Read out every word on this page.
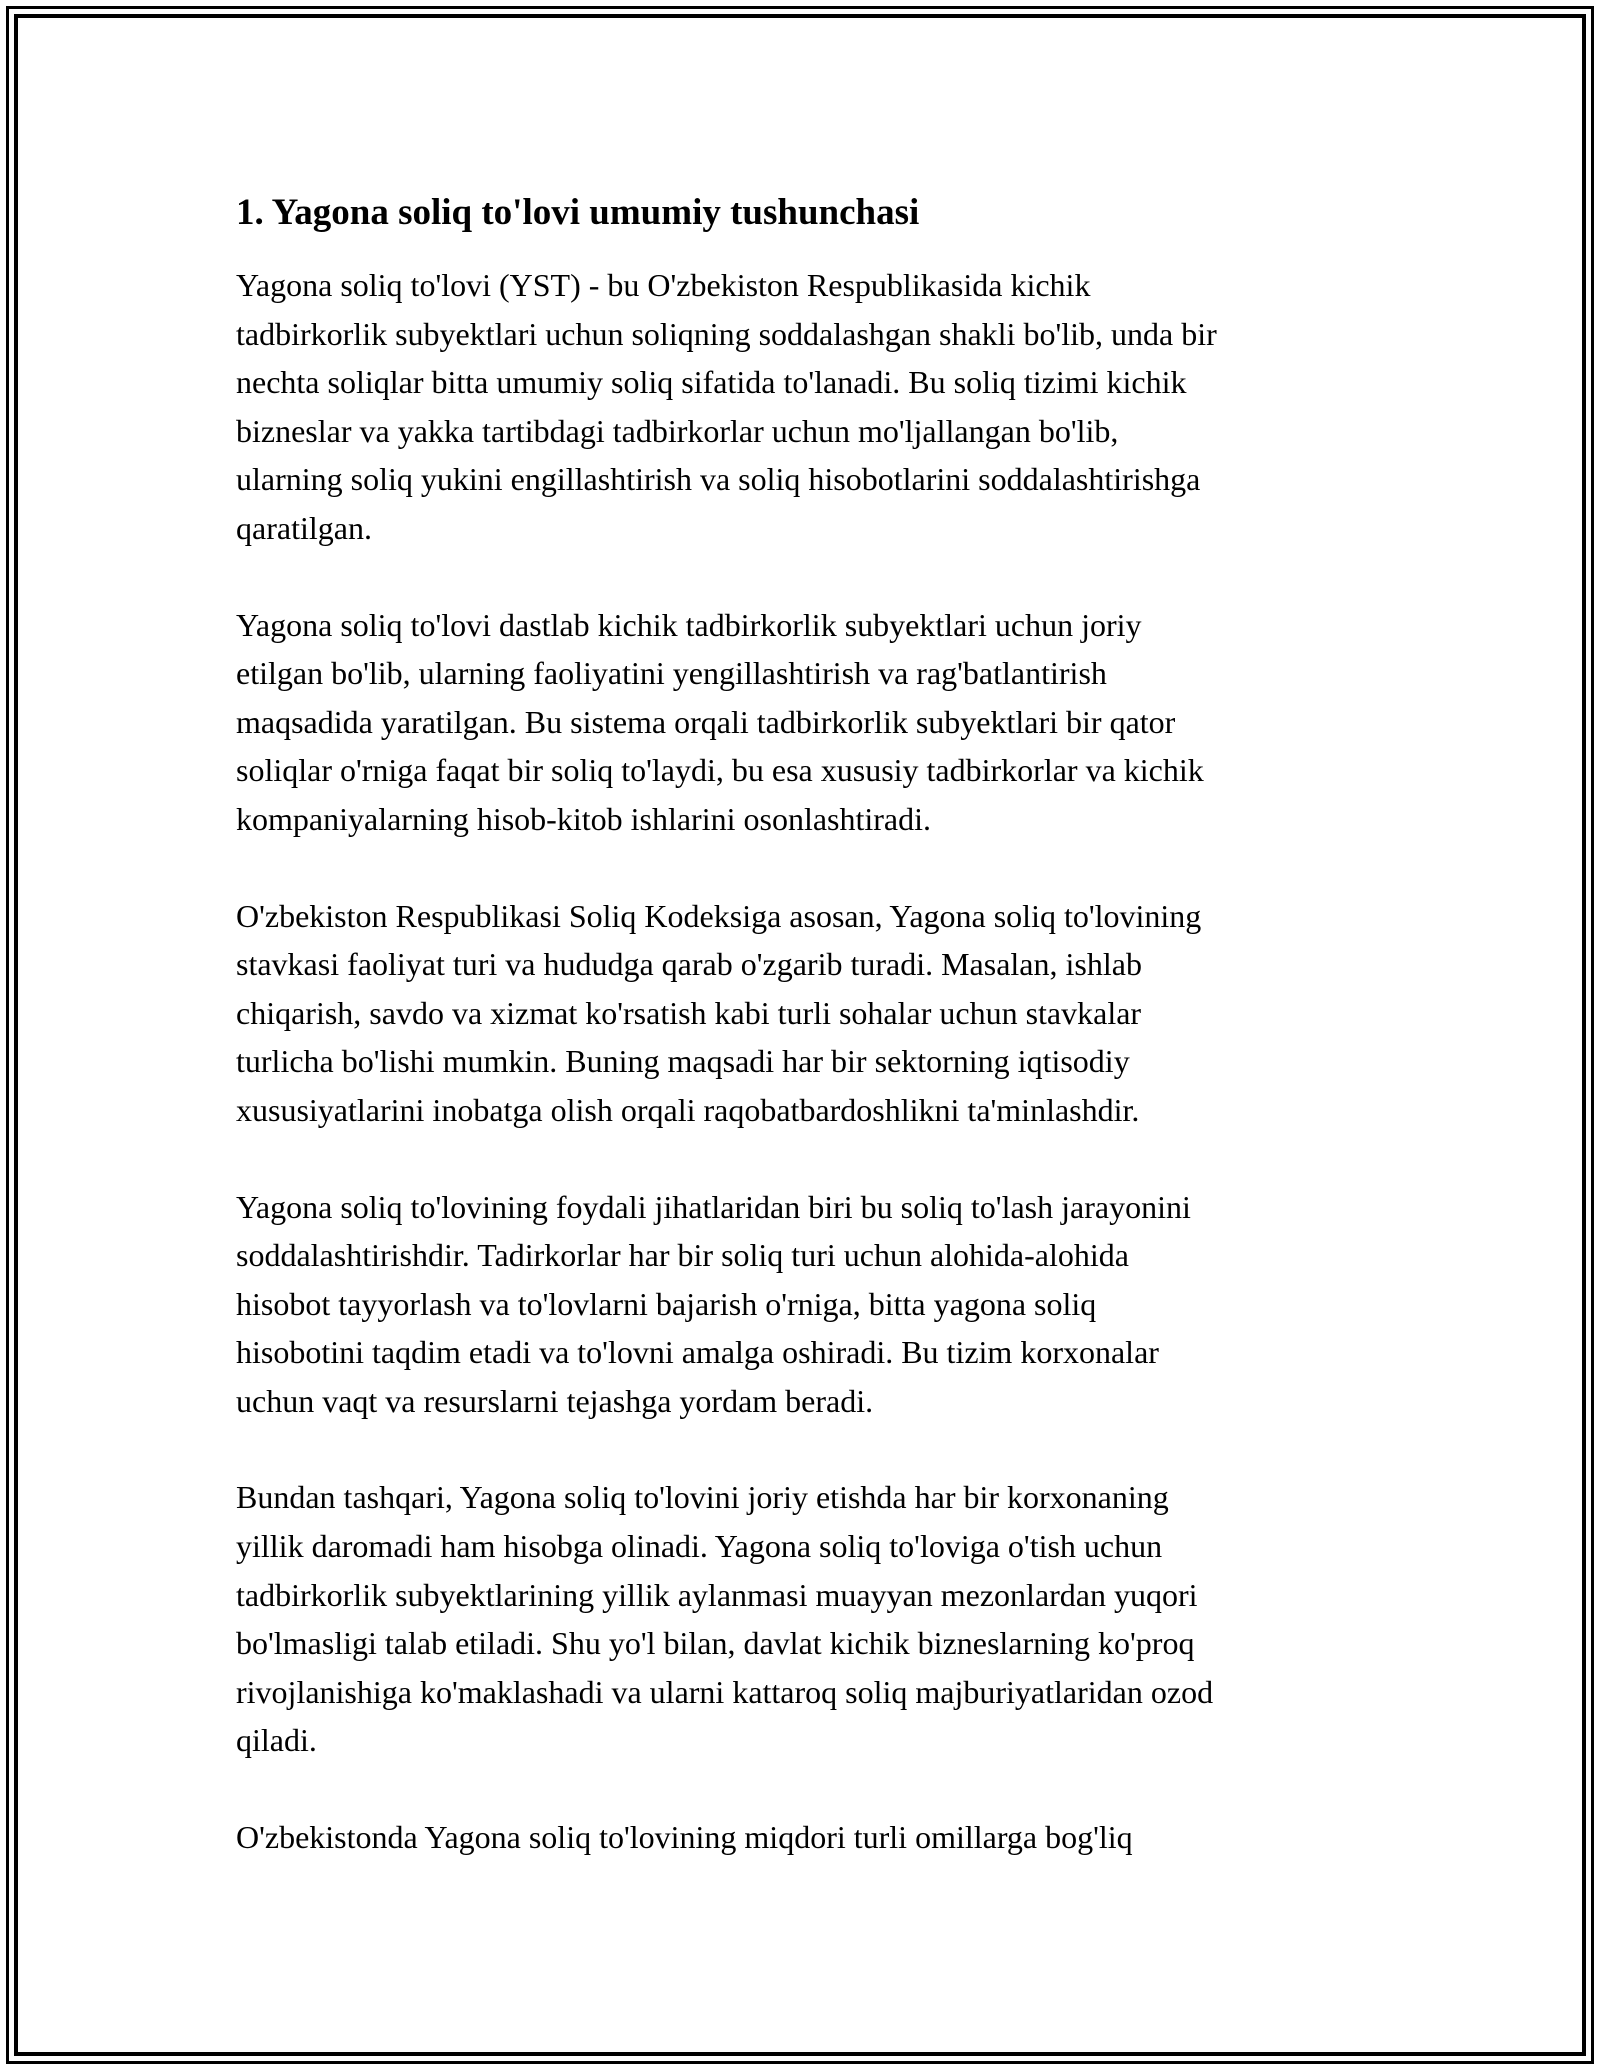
1. Yagona soliq to'lovi umumiy tushunchasi

Yagona soliq to'lovi (YST) - bu O'zbekiston Respublikasida kichik
tadbirkorlik subyektlari uchun soliqning soddalashgan shakli bo'lib, unda bir
nechta soliqlar bitta umumiy soliq sifatida to'lanadi. Bu soliq tizimi kichik
bizneslar va yakka tartibdagi tadbirkorlar uchun mo'ljallangan bo'lib,
ularning soliq yukini engillashtirish va soliq hisobotlarini soddalashtirishga
qaratilgan.

Yagona soliq to'lovi dastlab kichik tadbirkorlik subyektlari uchun joriy
etilgan bo'lib, ularning faoliyatini yengillashtirish va rag'batlantirish
maqsadida yaratilgan. Bu sistema orqali tadbirkorlik subyektlari bir qator
soliqlar o'rniga faqat bir soliq to'laydi, bu esa xususiy tadbirkorlar va kichik
kompaniyalarning hisob-kitob ishlarini osonlashtiradi.

O'zbekiston Respublikasi Soliq Kodeksiga asosan, Yagona soliq to'lovining
stavkasi faoliyat turi va hududga qarab o'zgarib turadi. Masalan, ishlab
chiqarish, savdo va xizmat ko'rsatish kabi turli sohalar uchun stavkalar
turlicha bo'lishi mumkin. Buning maqsadi har bir sektorning iqtisodiy
xususiyatlarini inobatga olish orqali raqobatbardoshlikni ta'minlashdir.

Yagona soliq to'lovining foydali jihatlaridan biri bu soliq to'lash jarayonini
soddalashtirishdir. Tadirkorlar har bir soliq turi uchun alohida-alohida
hisobot tayyorlash va to'lovlarni bajarish o'rniga, bitta yagona soliq
hisobotini taqdim etadi va to'lovni amalga oshiradi. Bu tizim korxonalar
uchun vaqt va resurslarni tejashga yordam beradi.

Bundan tashqari, Yagona soliq to'lovini joriy etishda har bir korxonaning
yillik daromadi ham hisobga olinadi. Yagona soliq to'loviga o'tish uchun
tadbirkorlik subyektlarining yillik aylanmasi muayyan mezonlardan yuqori
bo'lmasligi talab etiladi. Shu yo'l bilan, davlat kichik bizneslarning ko'proq
rivojlanishiga ko'maklashadi va ularni kattaroq soliq majburiyatlaridan ozod
qiladi.

O'zbekistonda Yagona soliq to'lovining miqdori turli omillarga bog'liq
